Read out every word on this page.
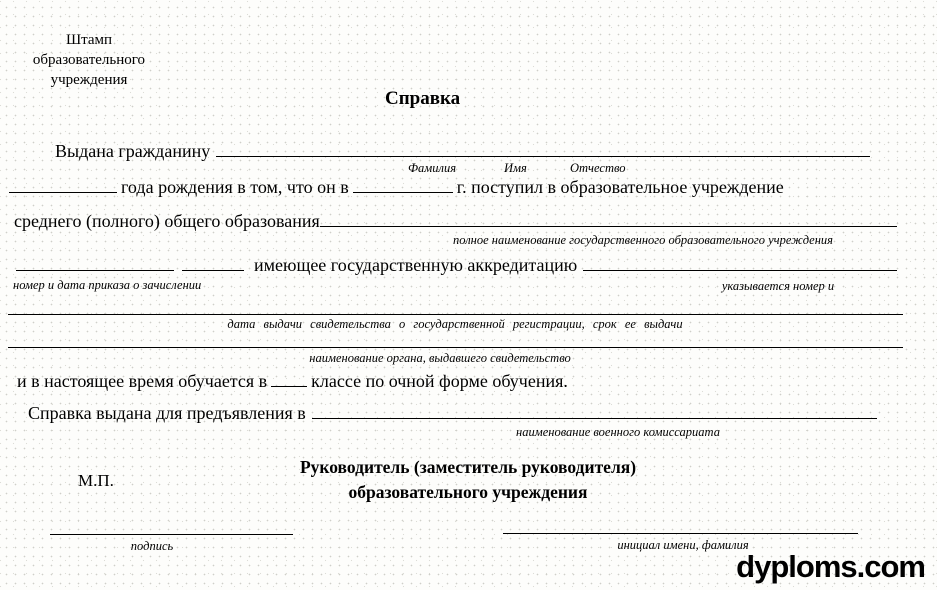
Штамп
образовательного
учреждения
Справка
Выдана гражданину
Фамилия	Имя	Отчество
года рождения в том, что он в	г. поступил в образовательное учреждение
среднего (полного) общего образования
полное наименование государственного образовательного учреждения
имеющее государственную аккредитацию
номер и дата приказа о зачислении	указывается номер и
дата выдачи свидетельства о государственной регистрации, срок ее выдачи
наименование органа, выдавшего свидетельство
и в настоящее время обучается в классе по очной форме обучения.
Справка выдана для предъявления в
наименование военного комиссариата
М.П.
Руководитель (заместитель руководителя)
образовательного учреждения
подпись	инициал имени, фамилия
dyploms.com
